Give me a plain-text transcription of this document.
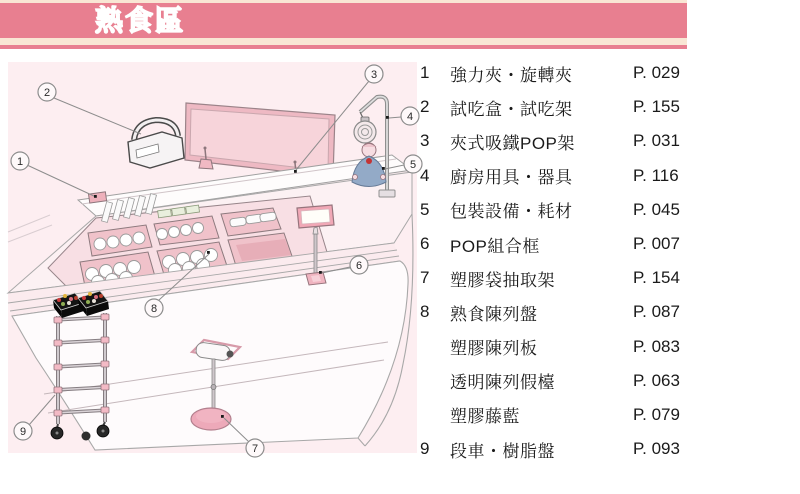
熟食區
1
2
3
4
5
6
7
8
9
1	強力夾・旋轉夾	P. 029
2	試吃盒・試吃架	P. 155
3	夾式吸鐵POP架	P. 031
4	廚房用具・器具	P. 116
5	包裝設備・耗材	P. 045
6	POP組合框	P. 007
7	塑膠袋抽取架	P. 154
8	熟食陳列盤	P. 087
塑膠陳列板	P. 083
透明陳列假檯	P. 063
塑膠藤藍	P. 079
9	段車・樹脂盤	P. 093
